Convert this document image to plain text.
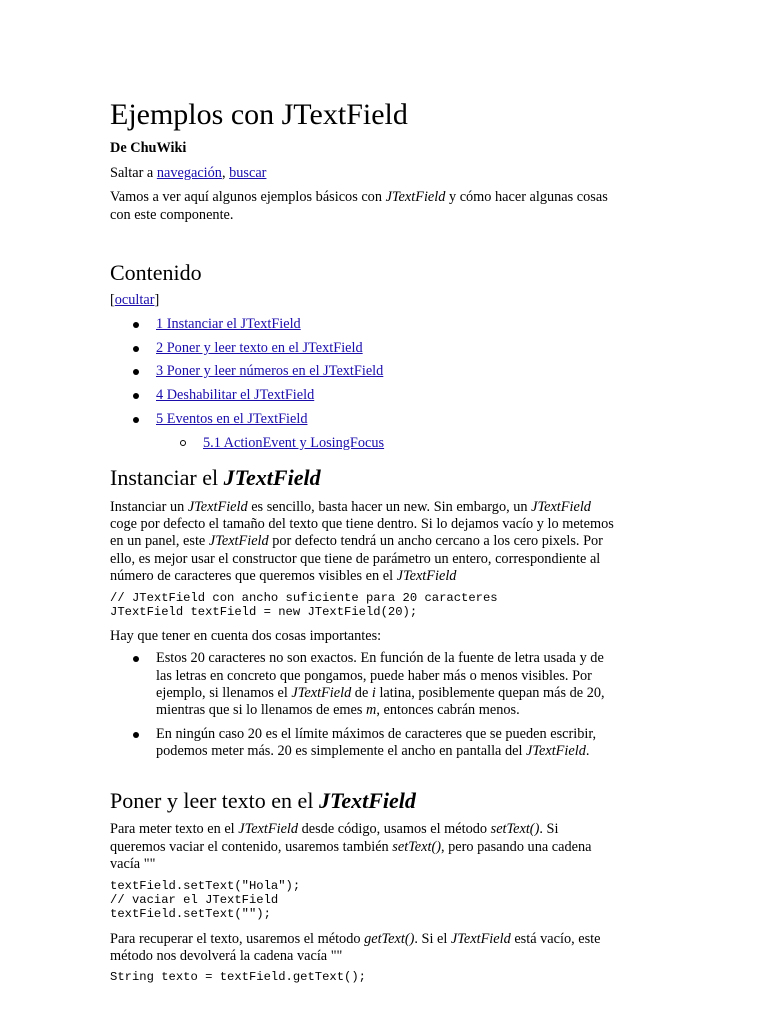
Ejemplos con JTextField
De ChuWiki
Saltar a navegación, buscar
Vamos a ver aquí algunos ejemplos básicos con JTextField y cómo hacer algunas cosas
con este componente.
Contenido
[ocultar]
1 Instanciar el JTextField
2 Poner y leer texto en el JTextField
3 Poner y leer números en el JTextField
4 Deshabilitar el JTextField
5 Eventos en el JTextField
5.1 ActionEvent y LosingFocus
Instanciar el JTextField
Instanciar un JTextField es sencillo, basta hacer un new. Sin embargo, un JTextField
coge por defecto el tamaño del texto que tiene dentro. Si lo dejamos vacío y lo metemos
en un panel, este JTextField por defecto tendrá un ancho cercano a los cero pixels. Por
ello, es mejor usar el constructor que tiene de parámetro un entero, correspondiente al
número de caracteres que queremos visibles en el JTextField
// JTextField con ancho suficiente para 20 caracteres
JTextField textField = new JTextField(20);
Hay que tener en cuenta dos cosas importantes:
Estos 20 caracteres no son exactos. En función de la fuente de letra usada y de
las letras en concreto que pongamos, puede haber más o menos visibles. Por
ejemplo, si llenamos el JTextField de i latina, posiblemente quepan más de 20,
mientras que si lo llenamos de emes m, entonces cabrán menos.
En ningún caso 20 es el límite máximos de caracteres que se pueden escribir,
podemos meter más. 20 es simplemente el ancho en pantalla del JTextField.
Poner y leer texto en el JTextField
Para meter texto en el JTextField desde código, usamos el método setText(). Si
queremos vaciar el contenido, usaremos también setText(), pero pasando una cadena
vacía ""
textField.setText("Hola");
// vaciar el JTextField
textField.setText("");
Para recuperar el texto, usaremos el método getText(). Si el JTextField está vacío, este
método nos devolverá la cadena vacía ""
String texto = textField.getText();
